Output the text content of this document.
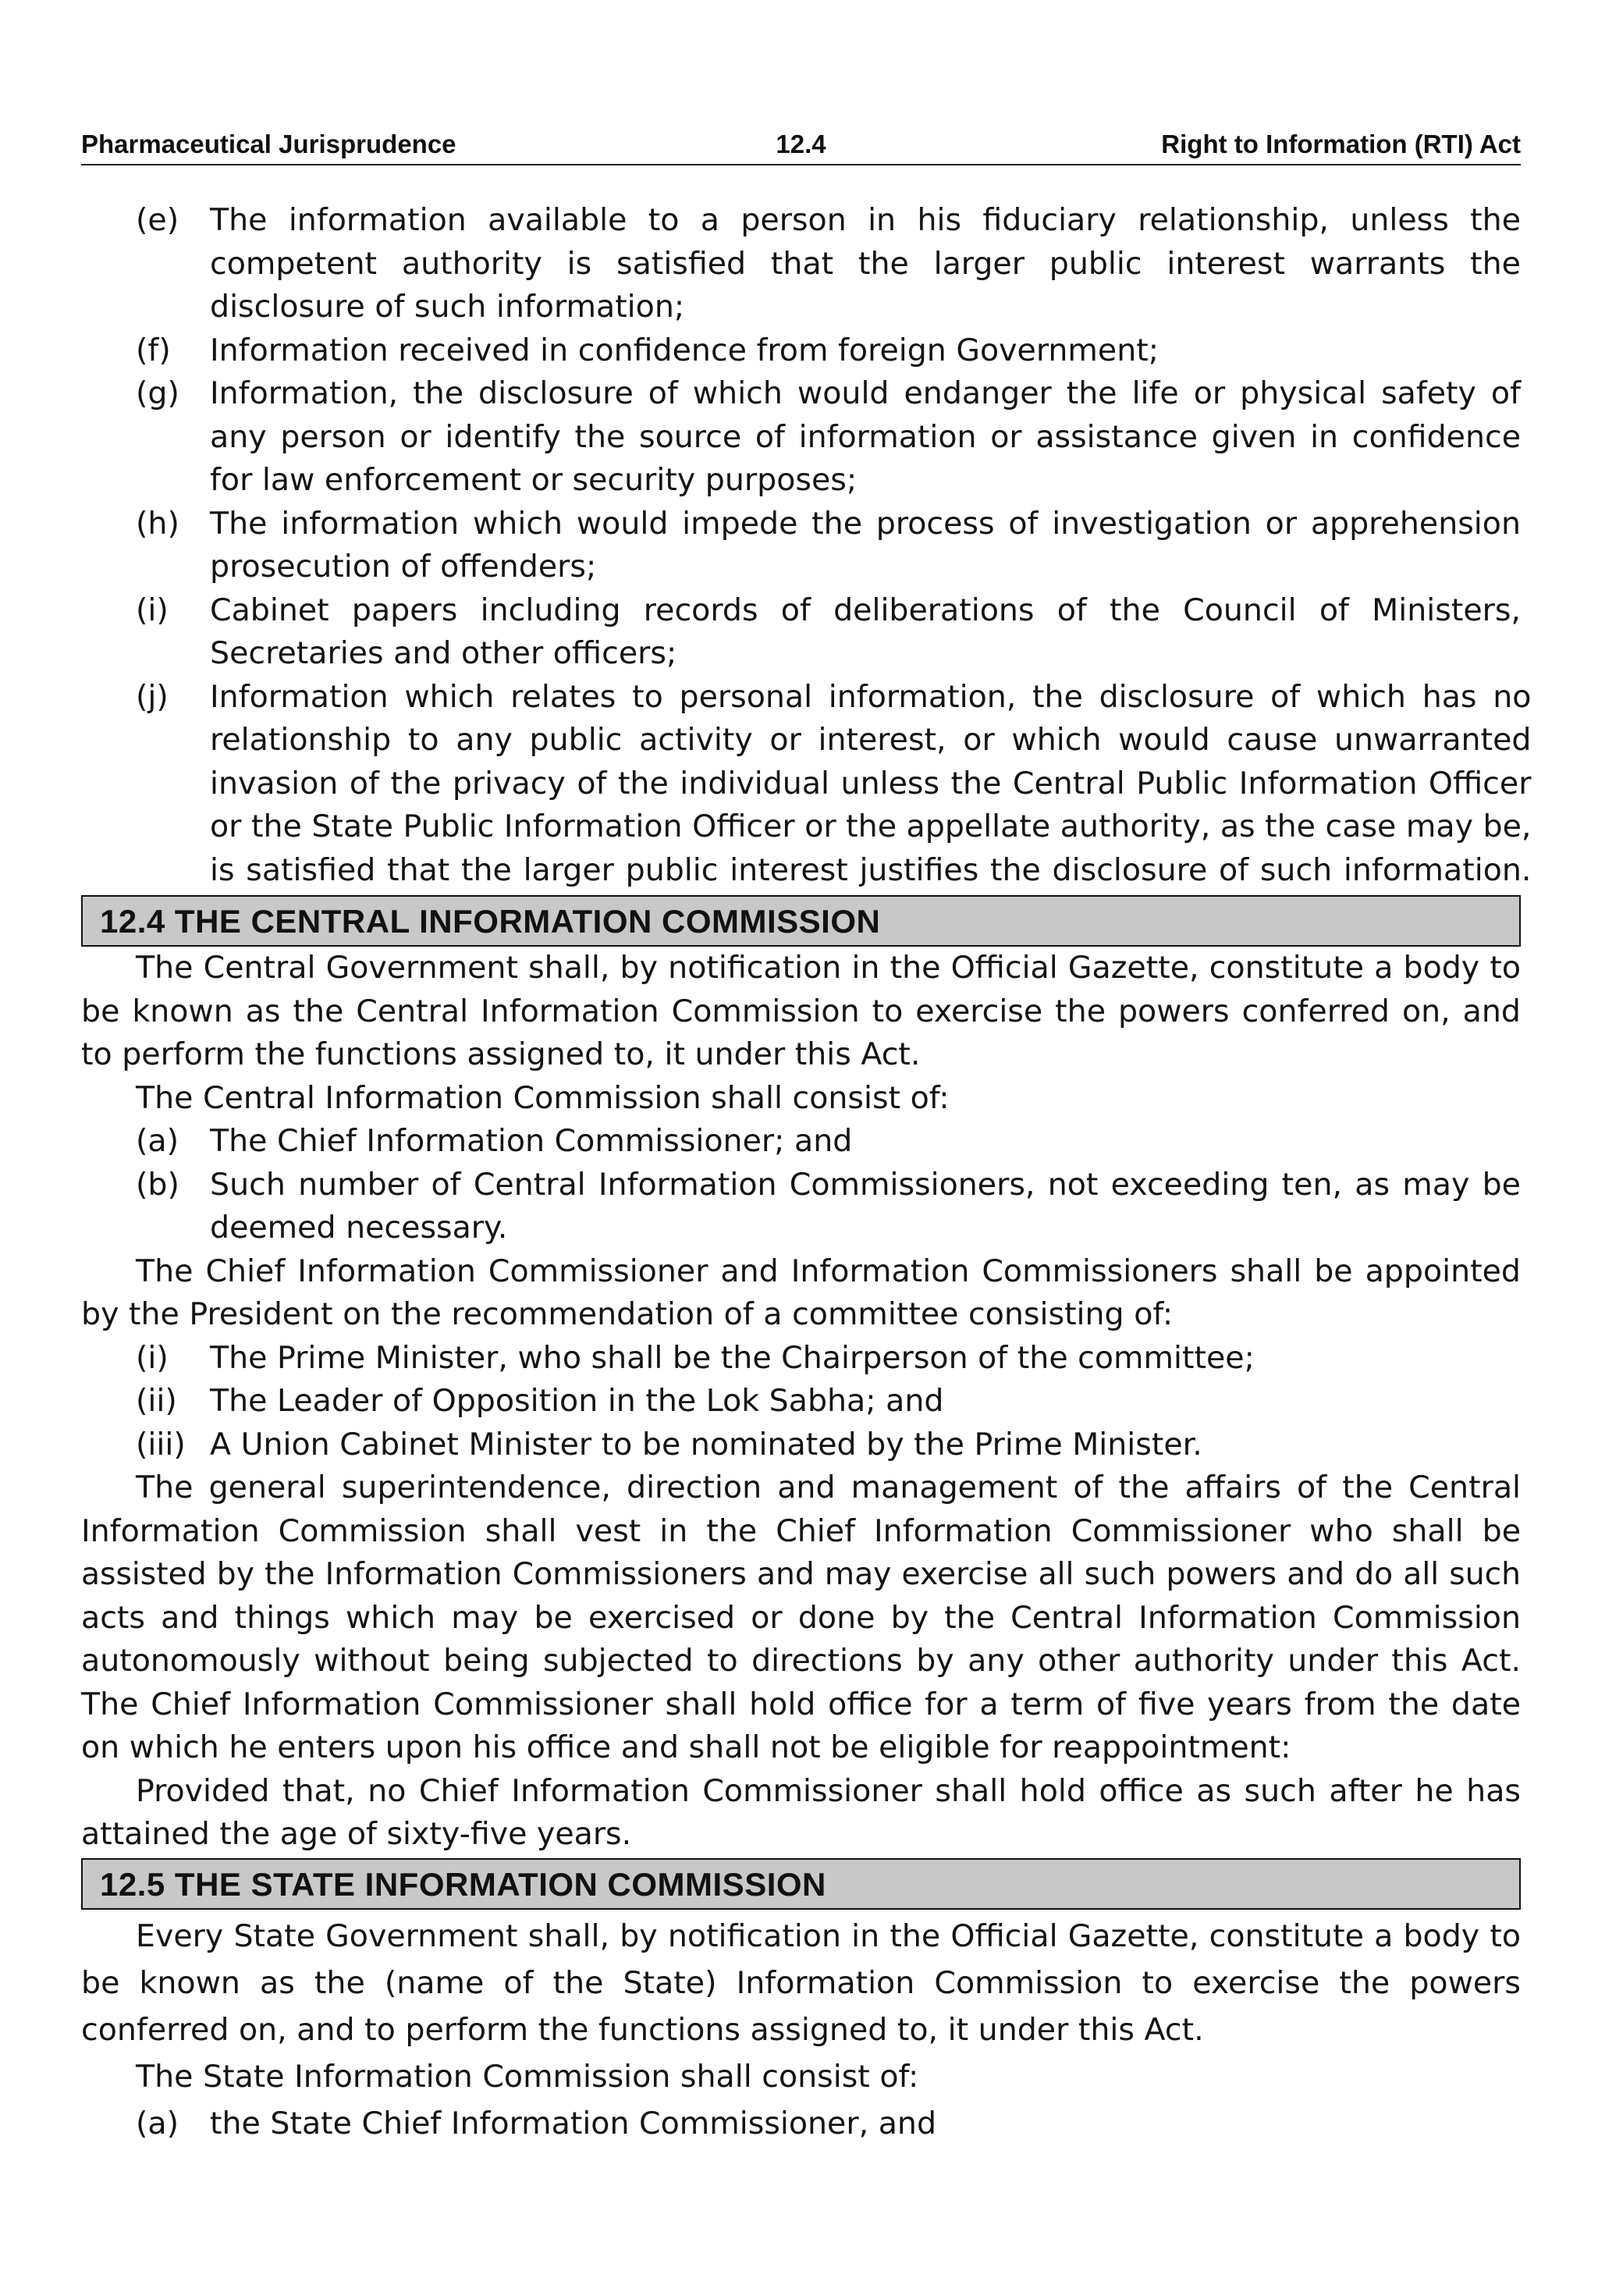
Pharmaceutical Jurisprudence	12.4	Right to Information (RTI) Act
(e)	The information available to a person in his fiduciary relationship, unless the
competent authority is satisfied that the larger public interest warrants the
disclosure of such information;
(f)	Information received in confidence from foreign Government;
(g) Information, the disclosure of which would endanger the life or physical safety of
any person or identify the source of information or assistance given in confidence
for law enforcement or security purposes;
(h) The information which would impede the process of investigation or apprehension
prosecution of offenders;
(i)	Cabinet papers including records of deliberations of the Council of Ministers,
Secretaries and other officers;
(j)	Information which relates to personal information, the disclosure of which has no
relationship to any public activity or interest, or which would cause unwarranted
invasion of the privacy of the individual unless the Central Public Information Officer
or the State Public Information Officer or the appellate authority, as the case may be,
is satisfied that the larger public interest justifies the disclosure of such information.
12.4 THE CENTRAL INFORMATION COMMISSION
The Central Government shall, by notification in the Official Gazette, constitute a body to
be known as the Central Information Commission to exercise the powers conferred on, and
to perform the functions assigned to, it under this Act.
The Central Information Commission shall consist of:
(a)	The Chief Information Commissioner; and
(b) Such number of Central Information Commissioners, not exceeding ten, as may be
deemed necessary.
The Chief Information Commissioner and Information Commissioners shall be appointed
by the President on the recommendation of a committee consisting of:
(i)	The Prime Minister, who shall be the Chairperson of the committee;
(ii)	The Leader of Opposition in the Lok Sabha; and
(iii) A Union Cabinet Minister to be nominated by the Prime Minister.
The general superintendence, direction and management of the affairs of the Central
Information Commission shall vest in the Chief Information Commissioner who shall be
assisted by the Information Commissioners and may exercise all such powers and do all such
acts and things which may be exercised or done by the Central Information Commission
autonomously without being subjected to directions by any other authority under this Act.
The Chief Information Commissioner shall hold office for a term of five years from the date
on which he enters upon his office and shall not be eligible for reappointment:
Provided that, no Chief Information Commissioner shall hold office as such after he has
attained the age of sixty-five years.
12.5 THE STATE INFORMATION COMMISSION
Every State Government shall, by notification in the Official Gazette, constitute a body to
be known as the (name of the State) Information Commission to exercise the powers
conferred on, and to perform the functions assigned to, it under this Act.
The State Information Commission shall consist of:
(a)	the State Chief Information Commissioner, and
